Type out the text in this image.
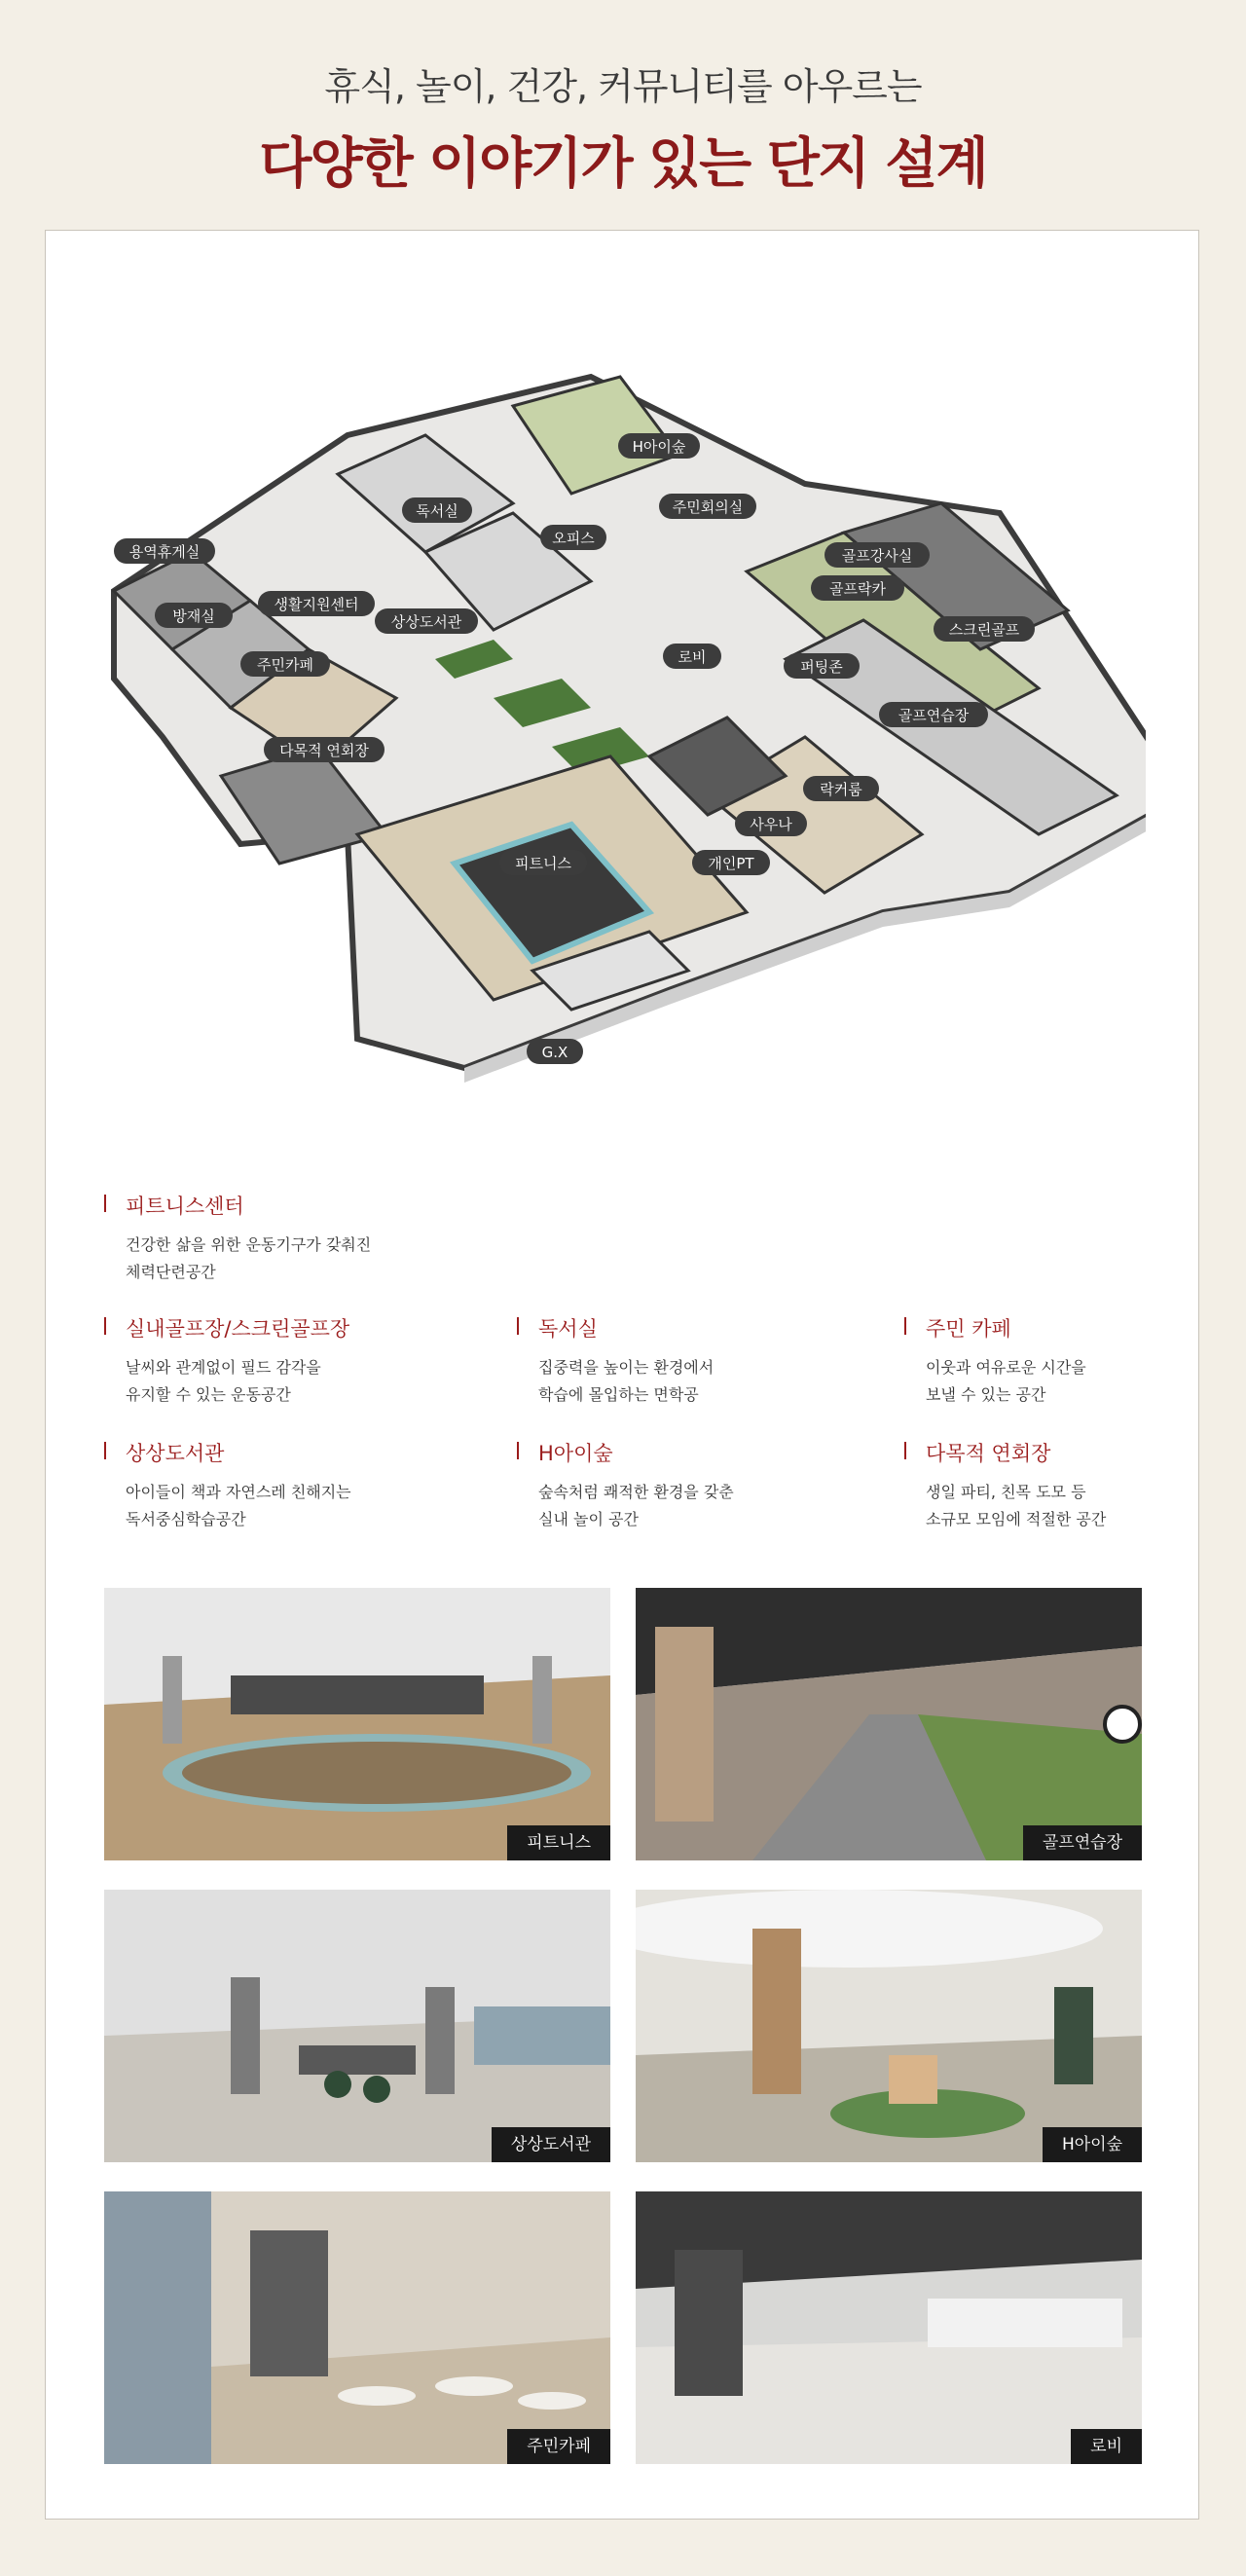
휴식, 놀이, 건강, 커뮤니티를 아우르는
다양한 이야기가 있는 단지 설계
H아이숲
주민회의실
독서실
오피스
용역휴게실
방재실
생활지원센터
상상도서관
주민카페
다목적 연회장
로비
골프강사실
골프락카
스크린골프
퍼팅존
골프연습장
락커룸
사우나
개인PT
피트니스
G.X
피트니스센터
건강한 삶을 위한 운동기구가 갖춰진
체력단련공간
실내골프장/스크린골프장
날씨와 관계없이 필드 감각을
유지할 수 있는 운동공간
독서실
집중력을 높이는 환경에서
학습에 몰입하는 면학공
주민 카페
이웃과 여유로운 시간을
보낼 수 있는 공간
상상도서관
아이들이 책과 자연스레 친해지는
독서중심학습공간
H아이숲
숲속처럼 쾌적한 환경을 갖춘
실내 놀이 공간
다목적 연회장
생일 파티, 친목 도모 등
소규모 모임에 적절한 공간
피트니스	골프연습장
상상도서관	H아이숲
주민카페	로비
